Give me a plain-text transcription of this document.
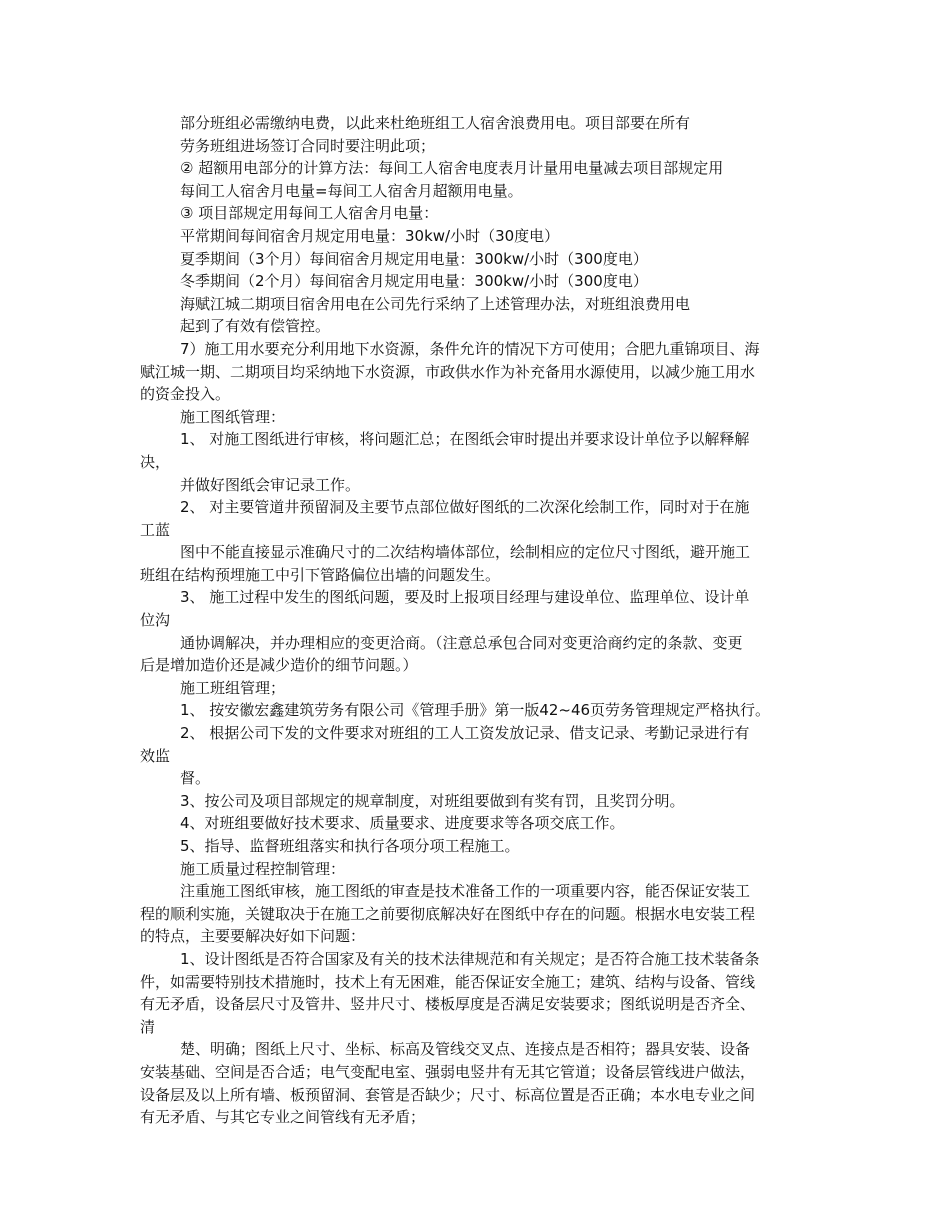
部分班组必需缴纳电费，以此来杜绝班组工人宿舍浪费用电。项目部要在所有
劳务班组进场签订合同时要注明此项；
② 超额用电部分的计算方法：每间工人宿舍电度表月计量用电量减去项目部规定用
每间工人宿舍月电量=每间工人宿舍月超额用电量。
③ 项目部规定用每间工人宿舍月电量：
平常期间每间宿舍月规定用电量：30kw/小时（30度电）
夏季期间（3个月）每间宿舍月规定用电量：300kw/小时（300度电）
冬季期间（2个月）每间宿舍月规定用电量：300kw/小时（300度电）
海赋江城二期项目宿舍用电在公司先行采纳了上述管理办法，对班组浪费用电
起到了有效有偿管控。
7）施工用水要充分利用地下水资源，条件允许的情况下方可使用；合肥九重锦项目、海
赋江城一期、二期项目均采纳地下水资源，市政供水作为补充备用水源使用，以减少施工用水
的资金投入。
施工图纸管理：
1、 对施工图纸进行审核，将问题汇总；在图纸会审时提出并要求设计单位予以解释解
决，
并做好图纸会审记录工作。
2、 对主要管道井预留洞及主要节点部位做好图纸的二次深化绘制工作，同时对于在施
工蓝
图中不能直接显示准确尺寸的二次结构墙体部位，绘制相应的定位尺寸图纸，避开施工
班组在结构预埋施工中引下管路偏位出墙的问题发生。
3、 施工过程中发生的图纸问题，要及时上报项目经理与建设单位、监理单位、设计单
位沟
通协调解决，并办理相应的变更洽商。（注意总承包合同对变更洽商约定的条款、变更
后是增加造价还是减少造价的细节问题。）
施工班组管理；
1、 按安徽宏鑫建筑劳务有限公司《管理手册》第一版42~46页劳务管理规定严格执行。
2、 根据公司下发的文件要求对班组的工人工资发放记录、借支记录、考勤记录进行有
效监
督。
3、按公司及项目部规定的规章制度，对班组要做到有奖有罚，且奖罚分明。
4、对班组要做好技术要求、质量要求、进度要求等各项交底工作。
5、指导、监督班组落实和执行各项分项工程施工。
施工质量过程控制管理：
注重施工图纸审核，施工图纸的审查是技术准备工作的一项重要内容，能否保证安装工
程的顺利实施，关键取决于在施工之前要彻底解决好在图纸中存在的问题。根据水电安装工程
的特点，主要要解决好如下问题：
1、设计图纸是否符合国家及有关的技术法律规范和有关规定；是否符合施工技术装备条
件，如需要特别技术措施时，技术上有无困难，能否保证安全施工；建筑、结构与设备、管线
有无矛盾，设备层尺寸及管井、竖井尺寸、楼板厚度是否满足安装要求；图纸说明是否齐全、
清
楚、明确；图纸上尺寸、坐标、标高及管线交叉点、连接点是否相符；器具安装、设备
安装基础、空间是否合适；电气变配电室、强弱电竖井有无其它管道；设备层管线进户做法，
设备层及以上所有墙、板预留洞、套管是否缺少；尺寸、标高位置是否正确；本水电专业之间
有无矛盾、与其它专业之间管线有无矛盾；
